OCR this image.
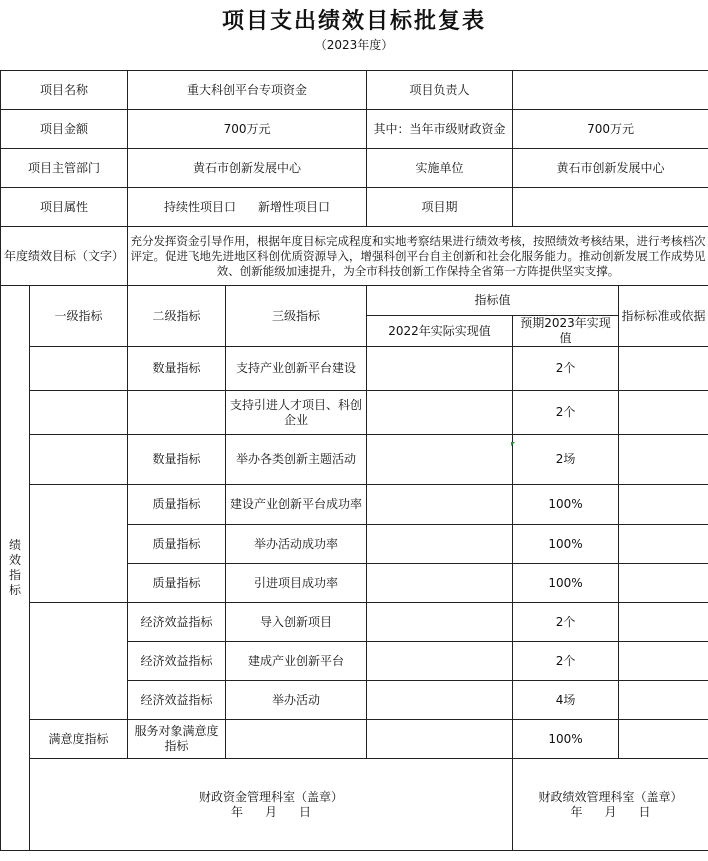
项目支出绩效目标批复表
（2023年度）
项目名称		重大科创平台专项资金		项目负责人		
项目金额		700万元		其中：当年市级财政资金	700万元	
项目主管部门		黄石市创新发展中心		实施单位	黄石市创新发展中心	
项目属性		持续性项目口 新增性项目口		项目期		
年度绩效目标（文字）		充分发挥资金引导作用，根据年度目标完成程度和实地考察结果进行绩效考核，按照绩效考核结果，进行考核档次评定。促进飞地先进地区科创优质资源导入，增强科创平台自主创新和社会化服务能力。推动创新发展工作成势见效、创新能级加速提升，为全市科技创新工作保持全省第一方阵提供坚实支撑。				
绩
效
指
标	一级指标	二级指标	三级指标	指标值		指标标准或依据
				2022年实际实现值	预期2023年实现值	
		数量指标	支持产业创新平台建设		2个	
			支持引进人才项目、科创企业		2个	
		数量指标	举办各类创新主题活动		2场	
		质量指标	建设产业创新平台成功率		100%	
		质量指标	举办活动成功率		100%	
		质量指标	引进项目成功率		100%	
		经济效益指标	导入创新项目		2个	
		经济效益指标	建成产业创新平台		2个	
		经济效益指标	举办活动		4场	
	满意度指标	服务对象满意度指标			100%	

	财政资金管理科室（盖章）
年 月 日				财政绩效管理科室（盖章）
年 月 日	
